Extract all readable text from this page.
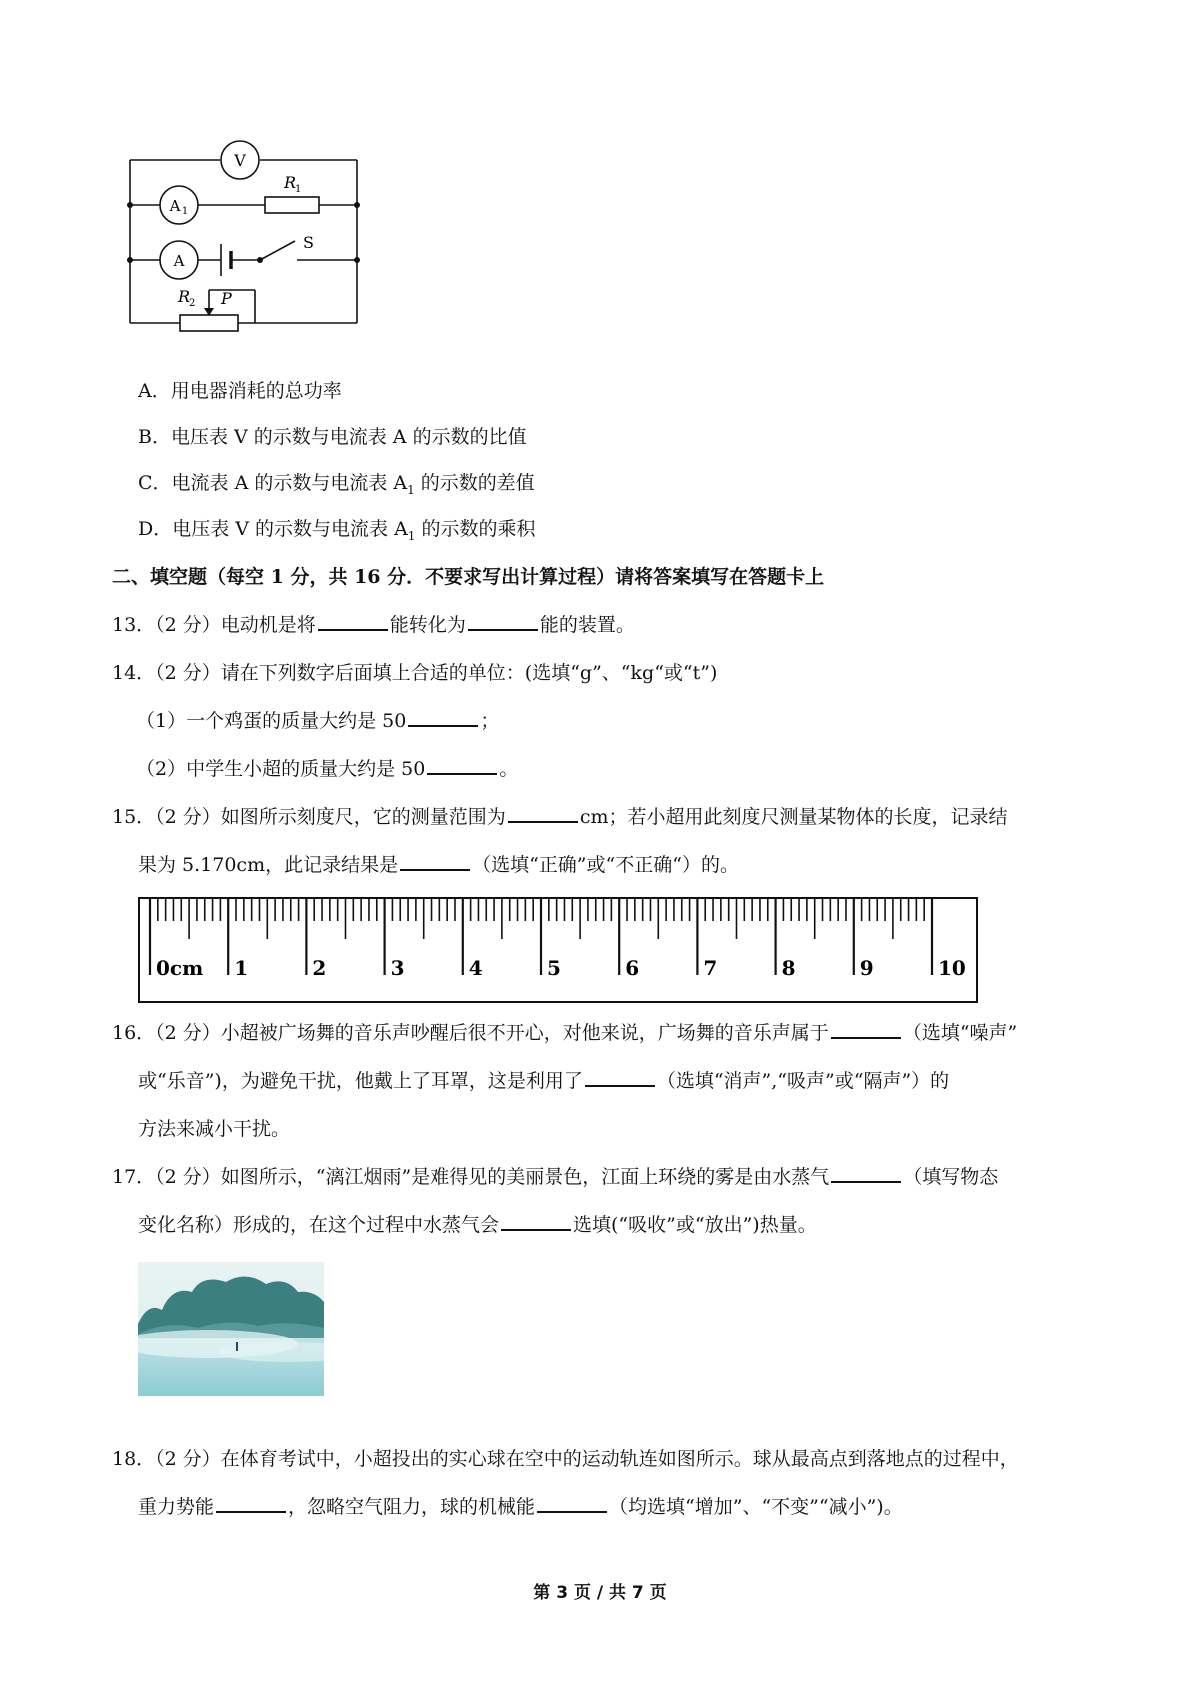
V
A 1
A
R
1
S
R
2 P
A．用电器消耗的总功率
B．电压表 V 的示数与电流表 A 的示数的比值
C．电流表 A 的示数与电流表 $A_1$ 的示数的差值
D．电压表 V 的示数与电流表 $A_1$ 的示数的乘积
二、填空题（每空 1 分，共 16 分．不要求写出计算过程）请将答案填写在答题卡上
13．（2 分）电动机是将	能转化为	能的装置。
14．（2 分）请在下列数字后面填上合适的单位：(选填“g”、“kg“或“t”)
（1）一个鸡蛋的质量大约是 50	；
（2）中学生小超的质量大约是 50	。
15．（2 分）如图所示刻度尺，它的测量范围为	cm；若小超用此刻度尺测量某物体的长度，记录结
果为 5.170cm，此记录结果是	（选填“正确”或“不正确“）的。
0cm 1	2	3	4	5	6	7	8	9	10
16．（2 分）小超被广场舞的音乐声吵醒后很不开心，对他来说，广场舞的音乐声属于	（选填“噪声”
或“乐音”)，为避免干扰，他戴上了耳罩，这是利用了	（选填“消声”,“吸声”或“隔声”）的
方法来减小干扰。
17．（2 分）如图所示，“漓江烟雨”是难得见的美丽景色，江面上环绕的雾是由水蒸气	（填写物态
变化名称）形成的，在这个过程中水蒸气会	选填(“吸收”或“放出”)热量。
18．（2 分）在体育考试中，小超投出的实心球在空中的运动轨连如图所示。球从最高点到落地点的过程中，
重力势能	，忽略空气阻力，球的机械能	（均选填“增加”、“不变”“减小”)。
第 3 页 / 共 7 页
